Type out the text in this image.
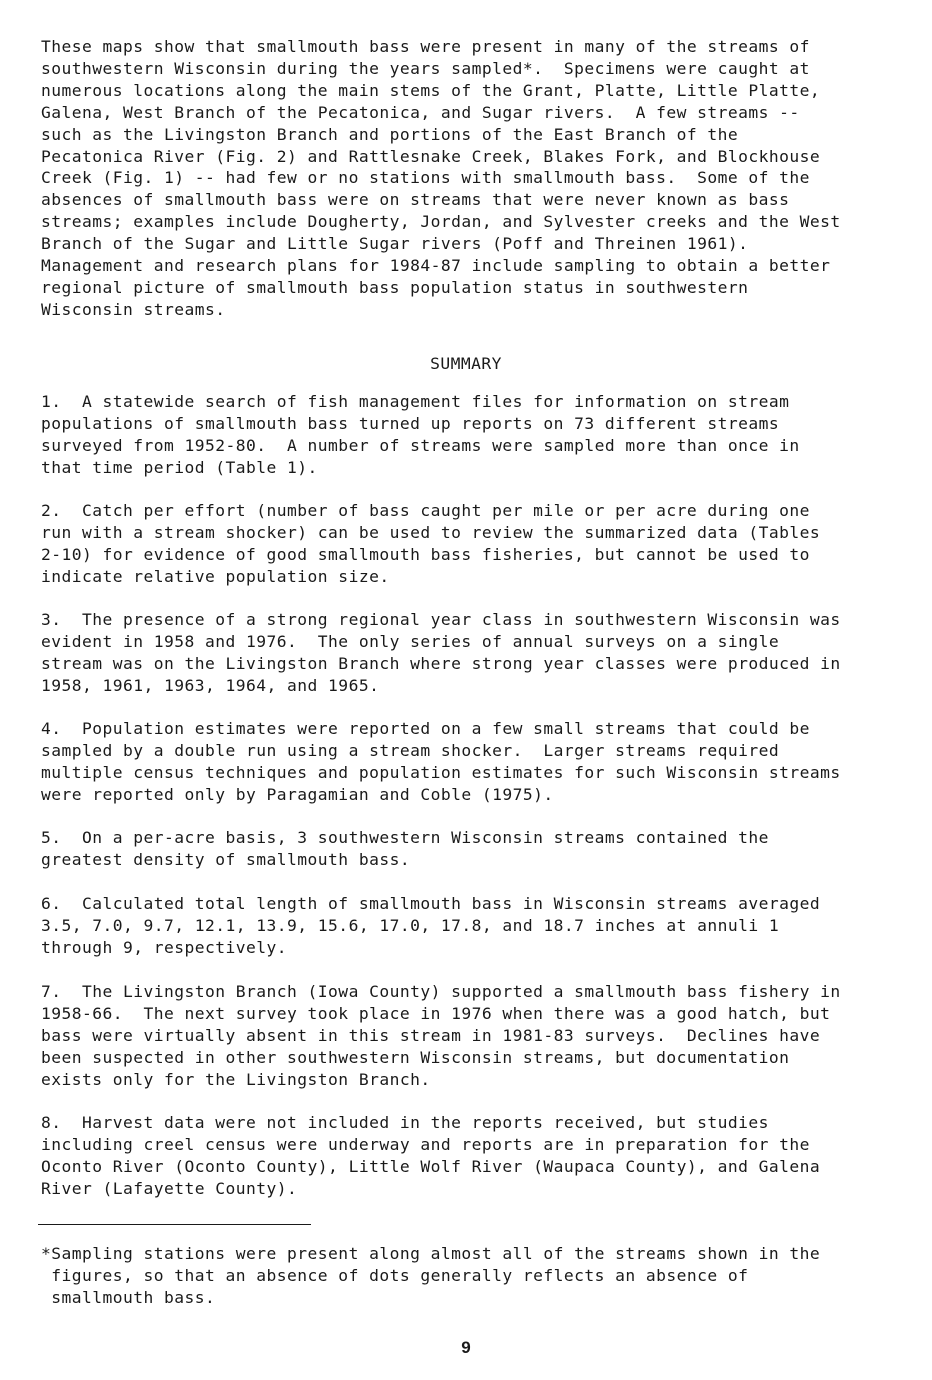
These maps show that smallmouth bass were present in many of the streams of
southwestern Wisconsin during the years sampled*.  Specimens were caught at
numerous locations along the main stems of the Grant, Platte, Little Platte,
Galena, West Branch of the Pecatonica, and Sugar rivers.  A few streams --
such as the Livingston Branch and portions of the East Branch of the
Pecatonica River (Fig. 2) and Rattlesnake Creek, Blakes Fork, and Blockhouse
Creek (Fig. 1) -- had few or no stations with smallmouth bass.  Some of the
absences of smallmouth bass were on streams that were never known as bass
streams; examples include Dougherty, Jordan, and Sylvester creeks and the West
Branch of the Sugar and Little Sugar rivers (Poff and Threinen 1961).
Management and research plans for 1984-87 include sampling to obtain a better
regional picture of smallmouth bass population status in southwestern
Wisconsin streams.

SUMMARY

1.  A statewide search of fish management files for information on stream
populations of smallmouth bass turned up reports on 73 different streams
surveyed from 1952-80.  A number of streams were sampled more than once in
that time period (Table 1).

2.  Catch per effort (number of bass caught per mile or per acre during one
run with a stream shocker) can be used to review the summarized data (Tables
2-10) for evidence of good smallmouth bass fisheries, but cannot be used to
indicate relative population size.

3.  The presence of a strong regional year class in southwestern Wisconsin was
evident in 1958 and 1976.  The only series of annual surveys on a single
stream was on the Livingston Branch where strong year classes were produced in
1958, 1961, 1963, 1964, and 1965.

4.  Population estimates were reported on a few small streams that could be
sampled by a double run using a stream shocker.  Larger streams required
multiple census techniques and population estimates for such Wisconsin streams
were reported only by Paragamian and Coble (1975).

5.  On a per-acre basis, 3 southwestern Wisconsin streams contained the
greatest density of smallmouth bass.

6.  Calculated total length of smallmouth bass in Wisconsin streams averaged
3.5, 7.0, 9.7, 12.1, 13.9, 15.6, 17.0, 17.8, and 18.7 inches at annuli 1
through 9, respectively.

7.  The Livingston Branch (Iowa County) supported a smallmouth bass fishery in
1958-66.  The next survey took place in 1976 when there was a good hatch, but
bass were virtually absent in this stream in 1981-83 surveys.  Declines have
been suspected in other southwestern Wisconsin streams, but documentation
exists only for the Livingston Branch.

8.  Harvest data were not included in the reports received, but studies
including creel census were underway and reports are in preparation for the
Oconto River (Oconto County), Little Wolf River (Waupaca County), and Galena
River (Lafayette County).

*Sampling stations were present along almost all of the streams shown in the
figures, so that an absence of dots generally reflects an absence of
smallmouth bass.

9
